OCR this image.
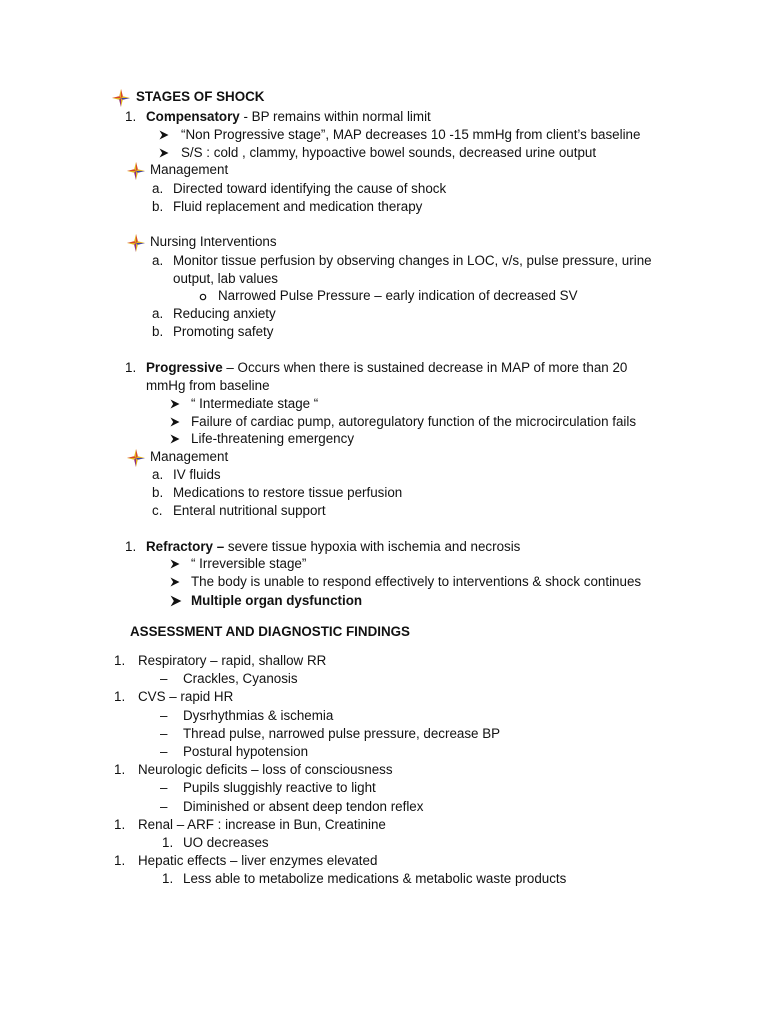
STAGES OF SHOCK
1. Compensatory - BP remains within normal limit
“Non Progressive stage”, MAP decreases 10 -15 mmHg from client’s baseline
S/S : cold , clammy, hypoactive bowel sounds, decreased urine output
Management
a. Directed toward identifying the cause of shock
b. Fluid replacement and medication therapy
Nursing Interventions
a. Monitor tissue perfusion by observing changes in LOC, v/s, pulse pressure, urine
output, lab values
Narrowed Pulse Pressure – early indication of decreased SV
a. Reducing anxiety
b. Promoting safety
1. Progressive – Occurs when there is sustained decrease in MAP of more than 20
mmHg from baseline
“ Intermediate stage “
Failure of cardiac pump, autoregulatory function of the microcirculation fails
Life-threatening emergency
Management
a. IV fluids
b. Medications to restore tissue perfusion
c. Enteral nutritional support
1. Refractory – severe tissue hypoxia with ischemia and necrosis
“ Irreversible stage”
The body is unable to respond effectively to interventions & shock continues
Multiple organ dysfunction
ASSESSMENT AND DIAGNOSTIC FINDINGS
1. Respiratory – rapid, shallow RR
– Crackles, Cyanosis
1. CVS – rapid HR
– Dysrhythmias & ischemia
– Thread pulse, narrowed pulse pressure, decrease BP
– Postural hypotension
1. Neurologic deficits – loss of consciousness
– Pupils sluggishly reactive to light
– Diminished or absent deep tendon reflex
1. Renal – ARF : increase in Bun, Creatinine
1. UO decreases
1. Hepatic effects – liver enzymes elevated
1. Less able to metabolize medications & metabolic waste products
